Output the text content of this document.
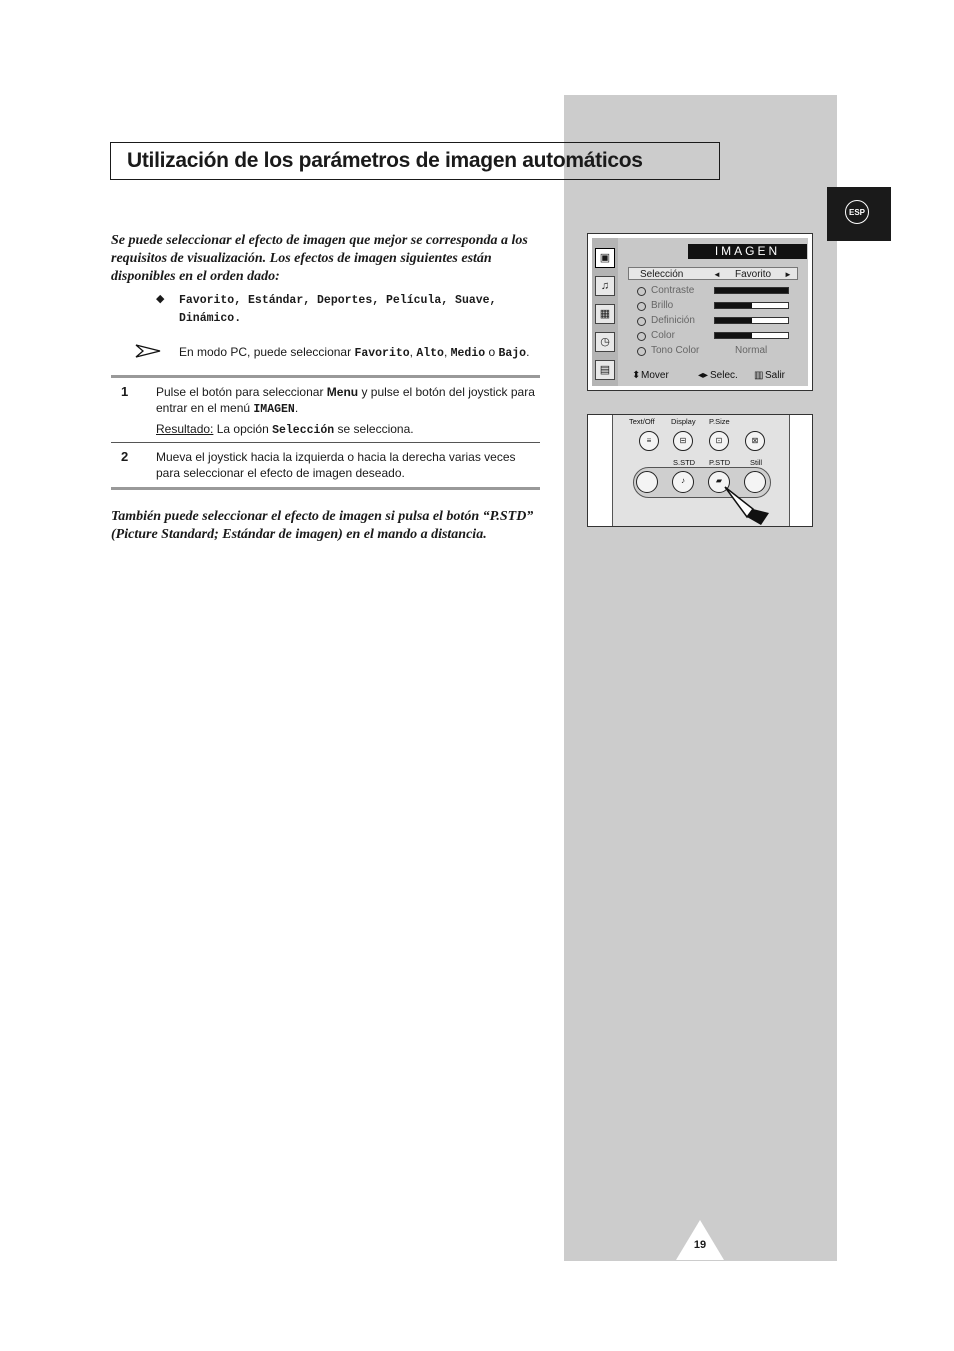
ESP
Utilización de los parámetros de imagen automáticos
Se puede seleccionar el efecto de imagen que mejor se corresponda a los requisitos de visualización. Los efectos de imagen siguientes están disponibles en el orden dado:
◆ Favorito, Estándar, Deportes, Película, Suave, Dinámico.
En modo PC, puede seleccionar Favorito, Alto, Medio o Bajo.
1 Pulse el botón para seleccionar Menu y pulse el botón del joystick para entrar en el menú IMAGEN.
Resultado: La opción Selección se selecciona.
2 Mueva el joystick hacia la izquierda o hacia la derecha varias veces para seleccionar el efecto de imagen deseado.
También puede seleccionar el efecto de imagen si pulsa el botón “P.STD” (Picture Standard; Estándar de imagen) en el mando a distancia.
▣
♫
▦
◷
▤
IMAGEN
Selección	◄ Favorito ►
Contraste
Brillo
Definición
Color
Tono Color	Normal
⬍ Mover	◂▸ Selec. ▥ Salir
Text/Off Display P.Size
≡	⊟	⊡	⊠
S.STD P.STD	Still
♪	▰
19
